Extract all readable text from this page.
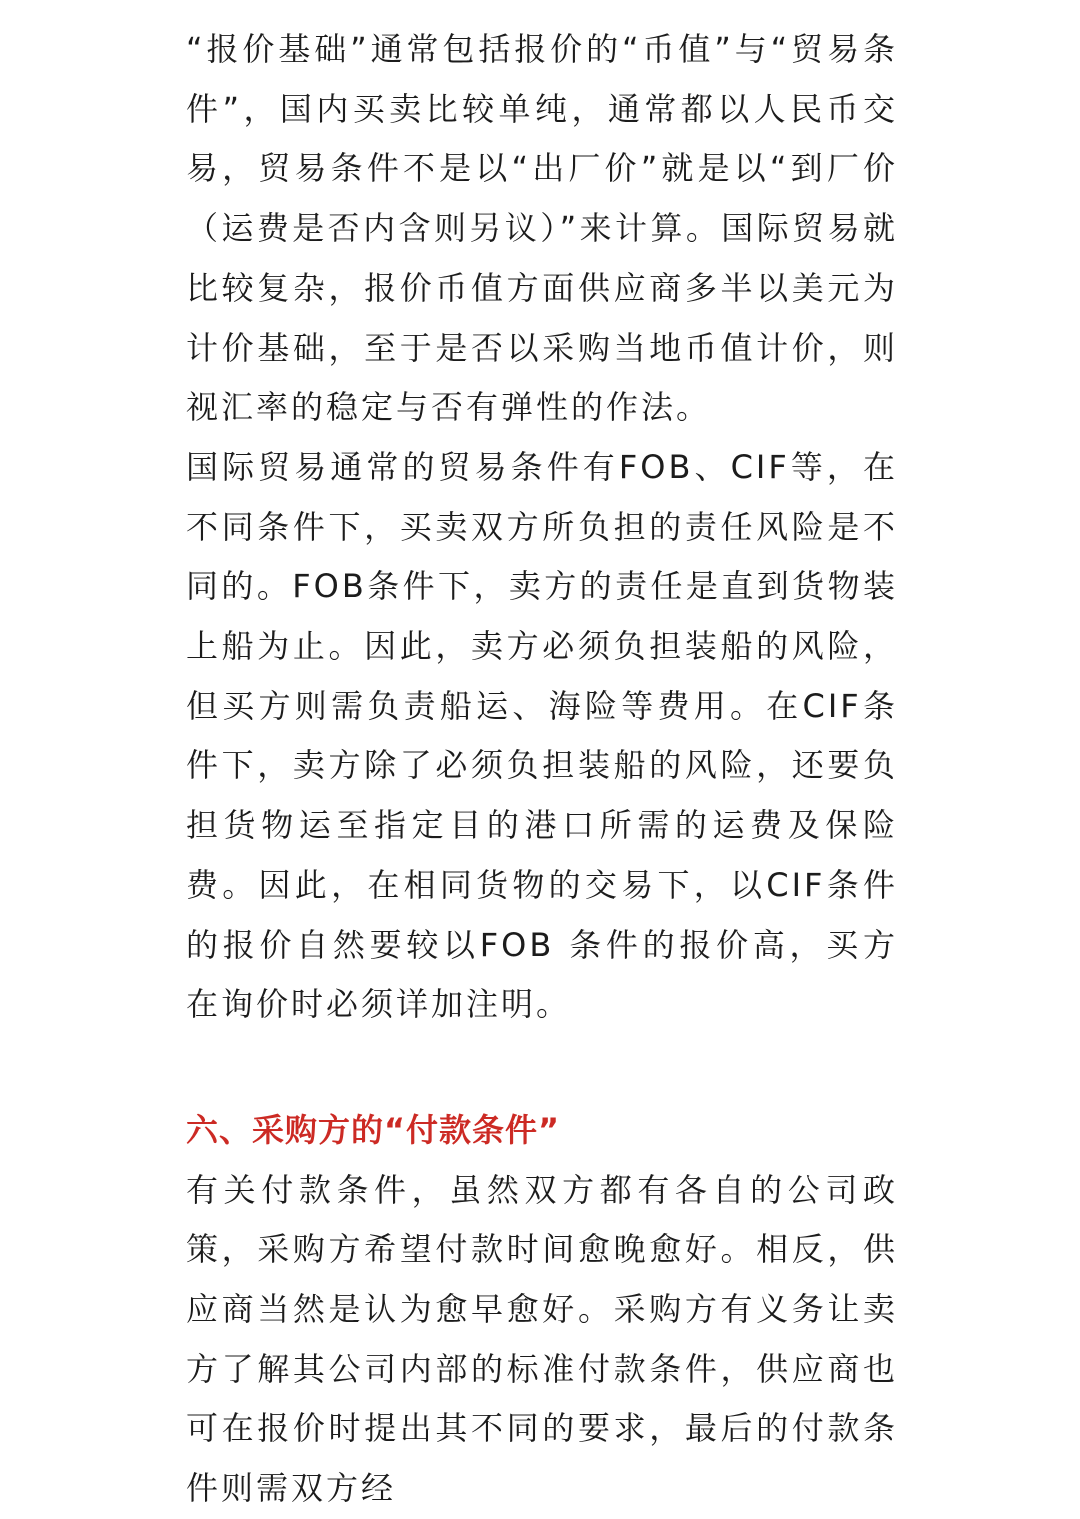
“报价基础”通常包括报价的“币值”与“贸易条件”，国内买卖比较单纯，通常都以人民币交易，贸易条件不是以“出厂价”就是以“到厂价（运费是否内含则另议）”来计算。国际贸易就比较复杂，报价币值方面供应商多半以美元为计价基础，至于是否以采购当地币值计价，则视汇率的稳定与否有弹性的作法。

国际贸易通常的贸易条件有FOB、CIF等，在不同条件下，买卖双方所负担的责任风险是不同的。FOB条件下，卖方的责任是直到货物装上船为止。因此，卖方必须负担装船的风险，但买方则需负责船运、海险等费用。在CIF条件下，卖方除了必须负担装船的风险，还要负担货物运至指定目的港口所需的运费及保险费。因此，在相同货物的交易下，以CIF条件的报价自然要较以FOB 条件的报价高，买方在询价时必须详加注明。

六、采购方的“付款条件”

有关付款条件，虽然双方都有各自的公司政策，采购方希望付款时间愈晚愈好。相反，供应商当然是认为愈早愈好。采购方有义务让卖方了解其公司内部的标准付款条件，供应商也可在报价时提出其不同的要求，最后的付款条件则需双方经
